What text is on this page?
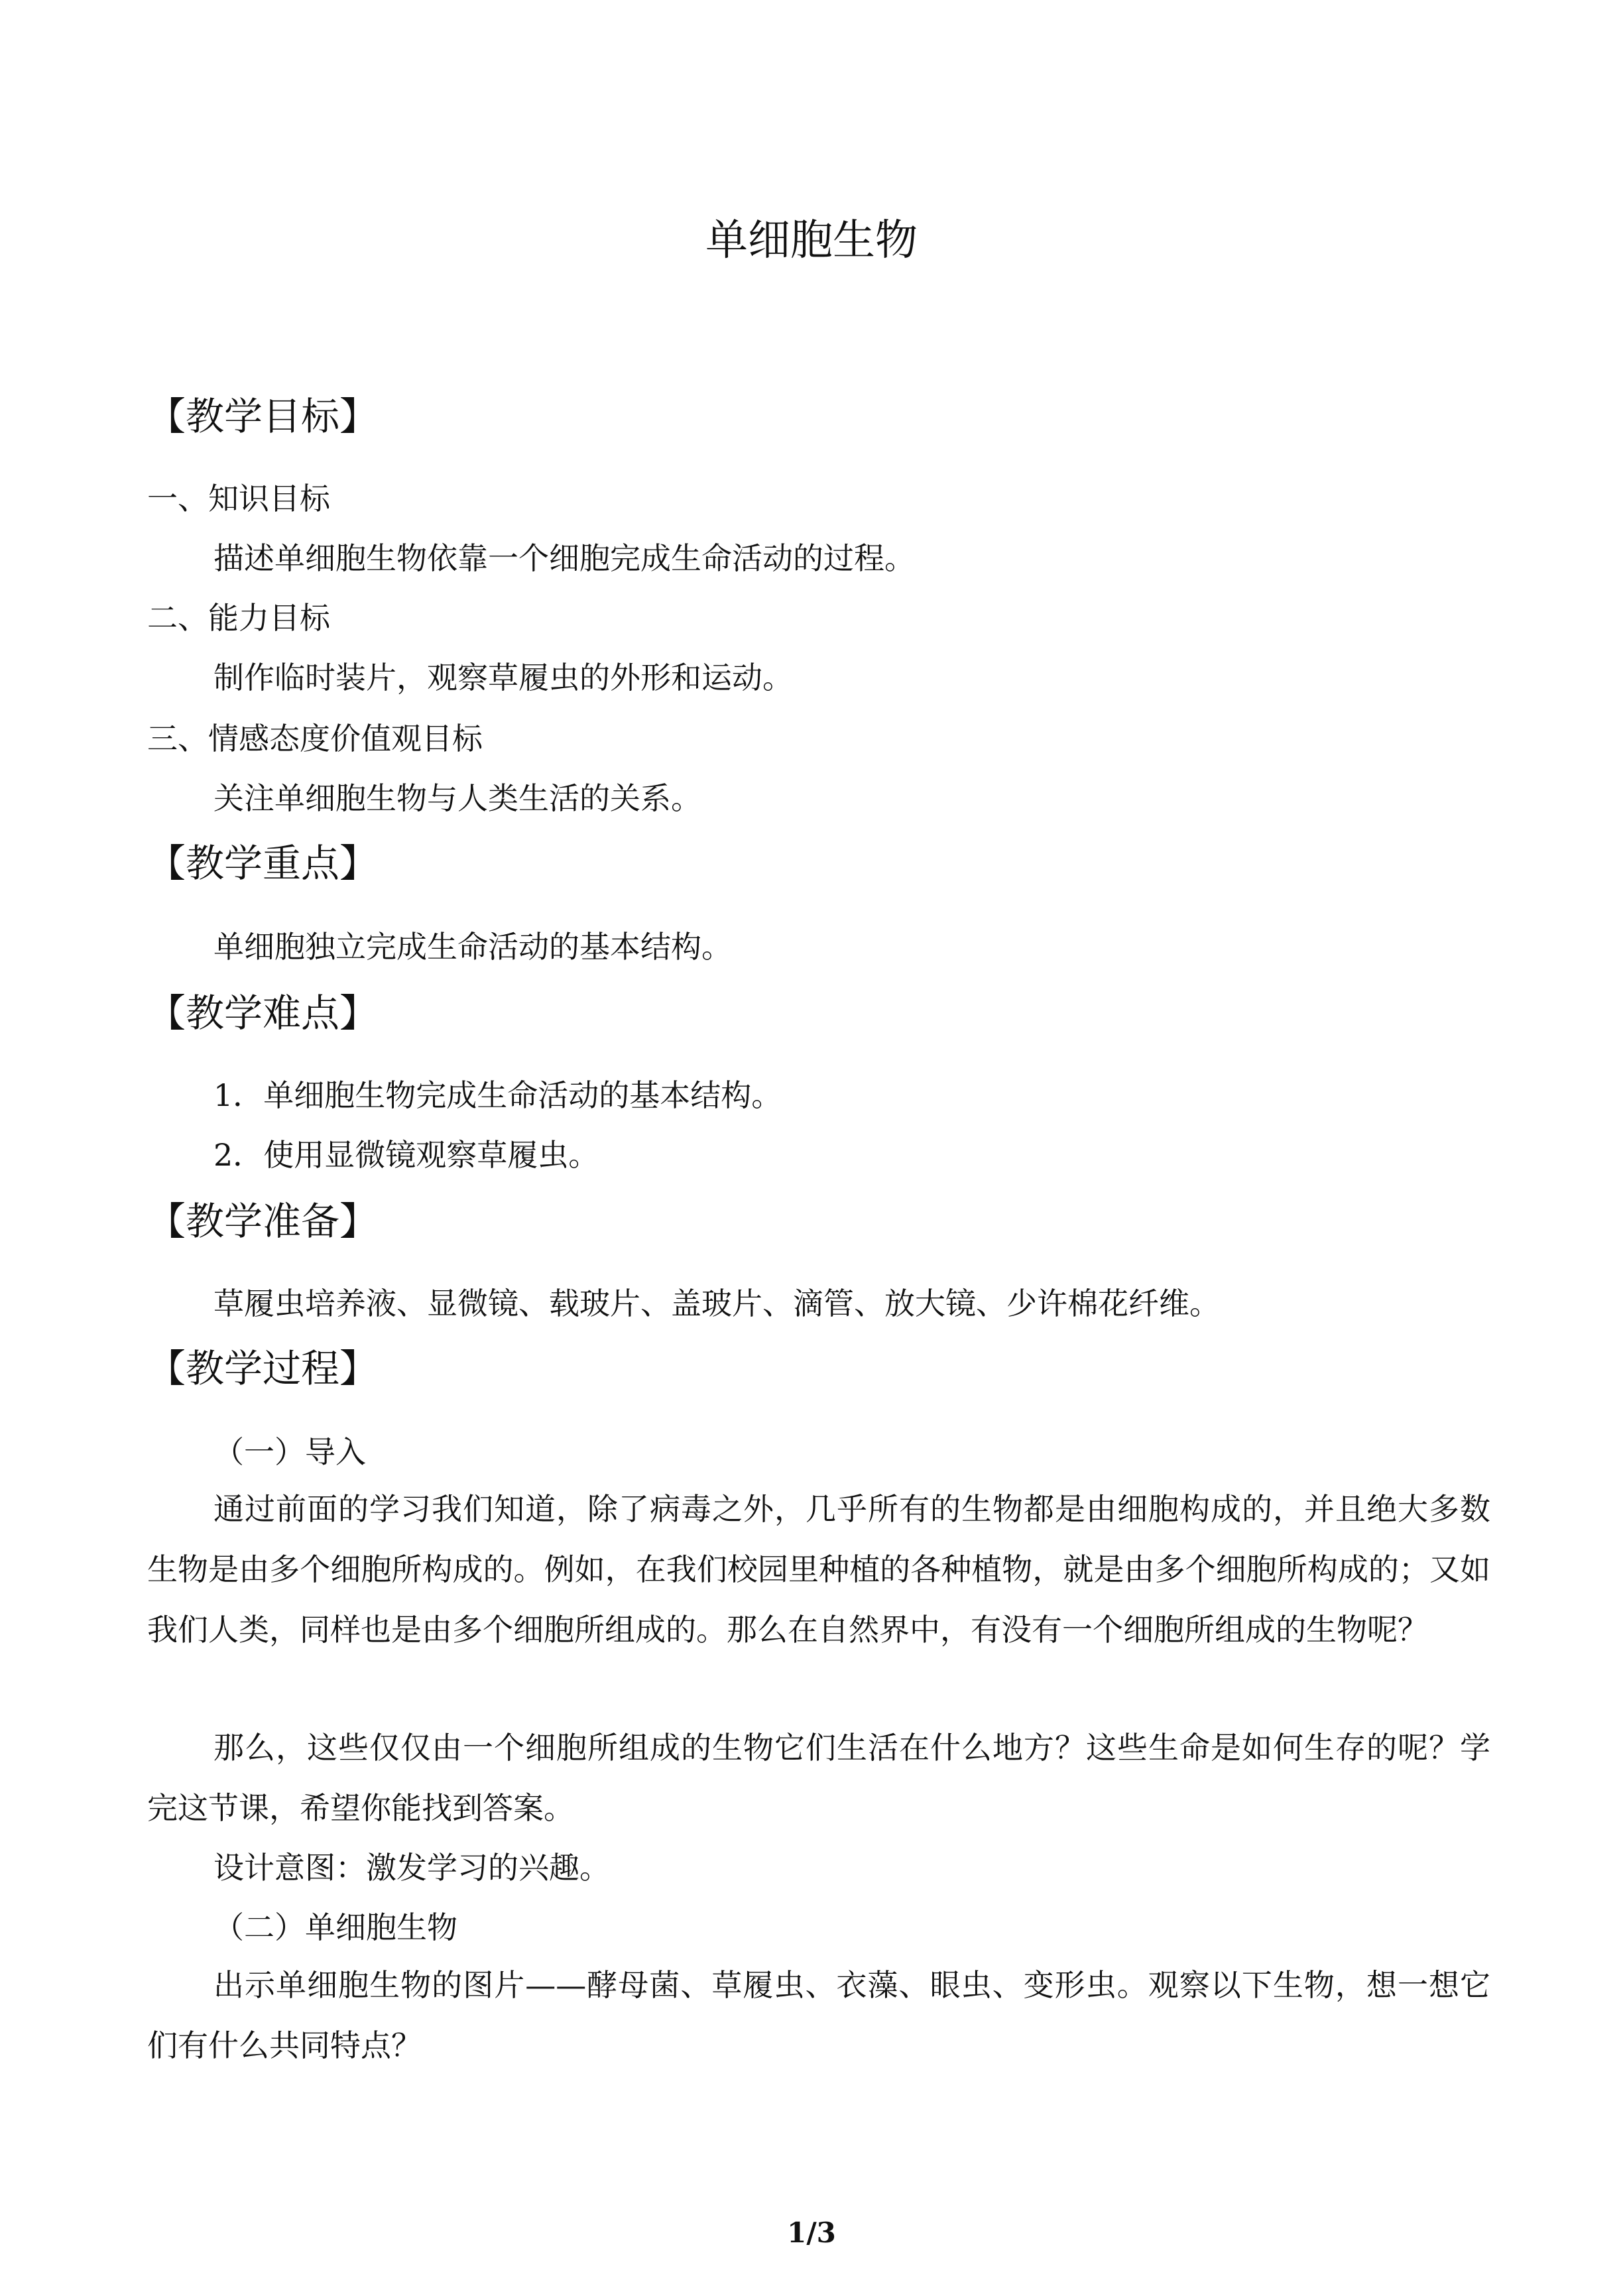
单细胞生物
【教学目标】
一、知识目标
描述单细胞生物依靠一个细胞完成生命活动的过程。
二、能力目标
制作临时装片，观察草履虫的外形和运动。
三、情感态度价值观目标
关注单细胞生物与人类生活的关系。
【教学重点】
单细胞独立完成生命活动的基本结构。
【教学难点】
1．单细胞生物完成生命活动的基本结构。
2．使用显微镜观察草履虫。
【教学准备】
草履虫培养液、显微镜、载玻片、盖玻片、滴管、放大镜、少许棉花纤维。
【教学过程】
（一）导入
通过前面的学习我们知道，除了病毒之外，几乎所有的生物都是由细胞构成的，并且绝大多数生物是由多个细胞所构成的。例如，在我们校园里种植的各种植物，就是由多个细胞所构成的；又如我们人类，同样也是由多个细胞所组成的。那么在自然界中，有没有一个细胞所组成的生物呢？
那么，这些仅仅由一个细胞所组成的生物它们生活在什么地方？这些生命是如何生存的呢？学完这节课，希望你能找到答案。
设计意图：激发学习的兴趣。
（二）单细胞生物
出示单细胞生物的图片——酵母菌、草履虫、衣藻、眼虫、变形虫。观察以下生物，想一想它们有什么共同特点？
1/3
